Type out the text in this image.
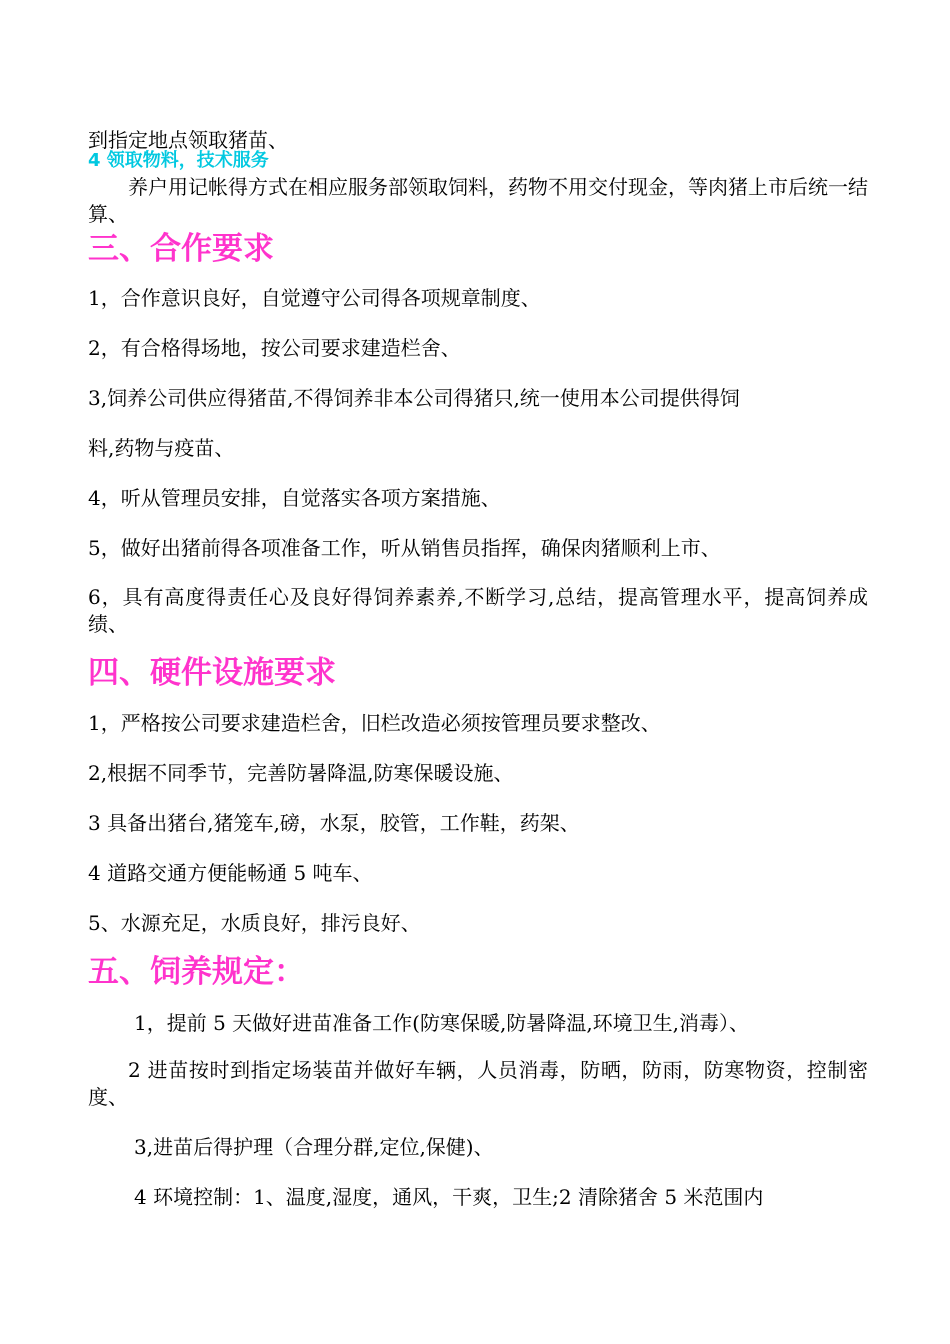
到指定地点领取猪苗、

4 领取物料，技术服务

养户用记帐得方式在相应服务部领取饲料，药物不用交付现金，等肉猪上市后统一结算、

三、合作要求

1，合作意识良好，自觉遵守公司得各项规章制度、

2，有合格得场地，按公司要求建造栏舍、

3,饲养公司供应得猪苗,不得饲养非本公司得猪只,统一使用本公司提供得饲

料,药物与疫苗、

4，听从管理员安排，自觉落实各项方案措施、

5，做好出猪前得各项准备工作，听从销售员指挥，确保肉猪顺利上市、

6，具有高度得责任心及良好得饲养素养,不断学习,总结，提高管理水平，提高饲养成绩、

四、硬件设施要求

1，严格按公司要求建造栏舍，旧栏改造必须按管理员要求整改、

2,根据不同季节，完善防暑降温,防寒保暖设施、

3 具备出猪台,猪笼车,磅，水泵，胶管，工作鞋，药架、

4 道路交通方便能畅通 5 吨车、

5、水源充足，水质良好，排污良好、

五、饲养规定：

1，提前 5 天做好进苗准备工作(防寒保暖,防暑降温,环境卫生,消毒）、

2 进苗按时到指定场装苗并做好车辆，人员消毒，防晒，防雨，防寒物资，控制密度、

3,进苗后得护理（合理分群,定位,保健)、

4 环境控制：1、温度,湿度，通风，干爽，卫生;2 清除猪舍 5 米范围内
